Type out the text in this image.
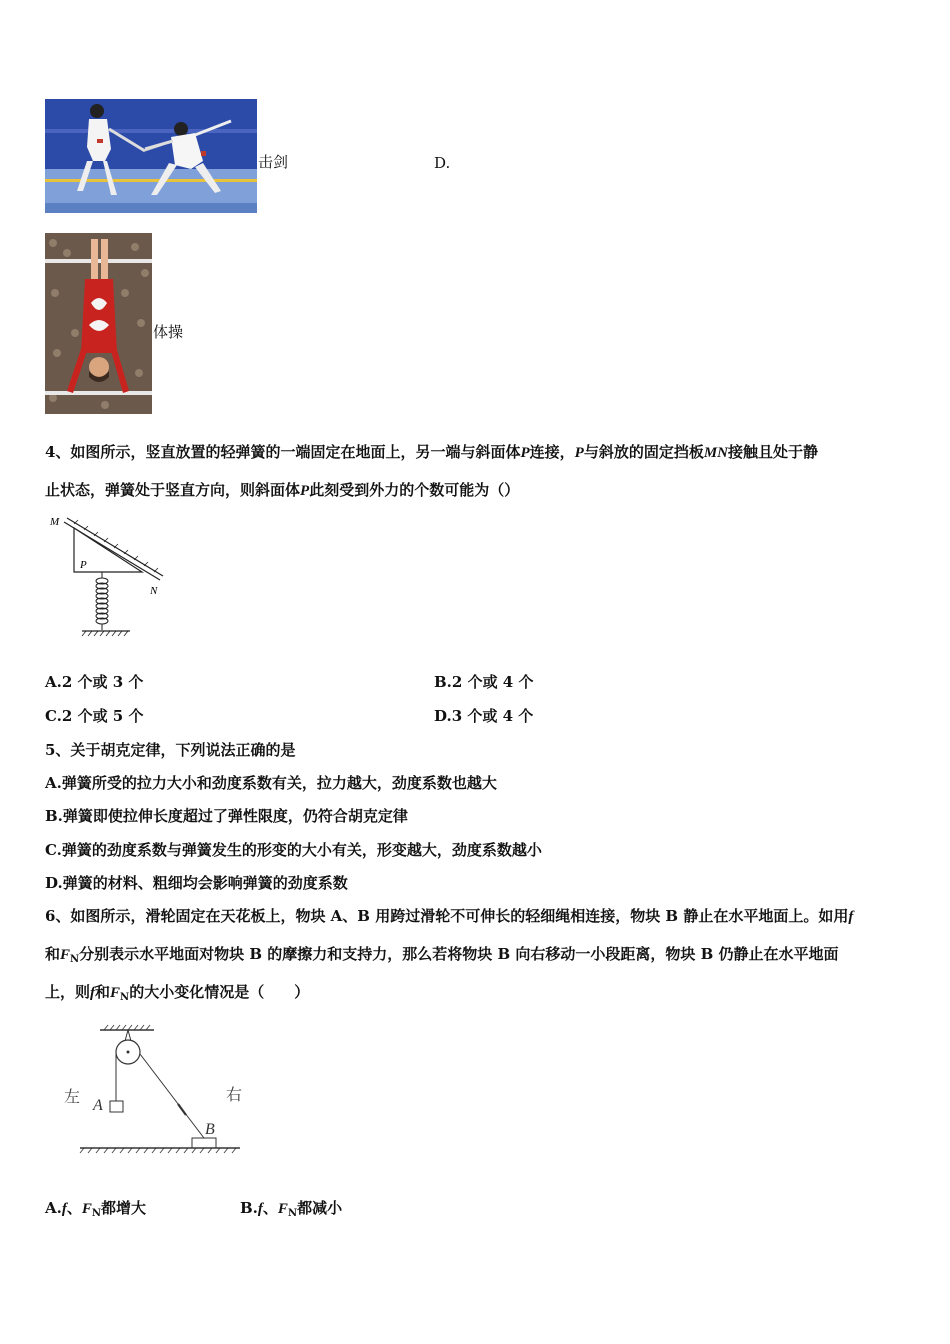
击剑	D.
体操
4、如图所示，竖直放置的轻弹簧的一端固定在地面上，另一端与斜面体P连接，P与斜放的固定挡板MN接触且处于静
止状态，弹簧处于竖直方向，则斜面体P此刻受到外力的个数可能为（）
M
P
N
A.2 个或 3 个	B.2 个或 4 个
C.2 个或 5 个	D.3 个或 4 个
5、关于胡克定律，下列说法正确的是
A.弹簧所受的拉力大小和劲度系数有关，拉力越大，劲度系数也越大
B.弹簧即使拉伸长度超过了弹性限度，仍符合胡克定律
C.弹簧的劲度系数与弹簧发生的形变的大小有关，形变越大，劲度系数越小
D.弹簧的材料、粗细均会影响弹簧的劲度系数
6、如图所示，滑轮固定在天花板上，物块 A、B 用跨过滑轮不可伸长的轻细绳相连接，物块 B 静止在水平地面上。如用f
和$F_N$分别表示水平地面对物块 B 的摩擦力和支持力，那么若将物块 B 向右移动一小段距离，物块 B 仍静止在水平地面
上，则f和$F_N$的大小变化情况是（　　）
左	右
A
B
A.f、$F_N$都增大	B.f、$F_N$都减小
